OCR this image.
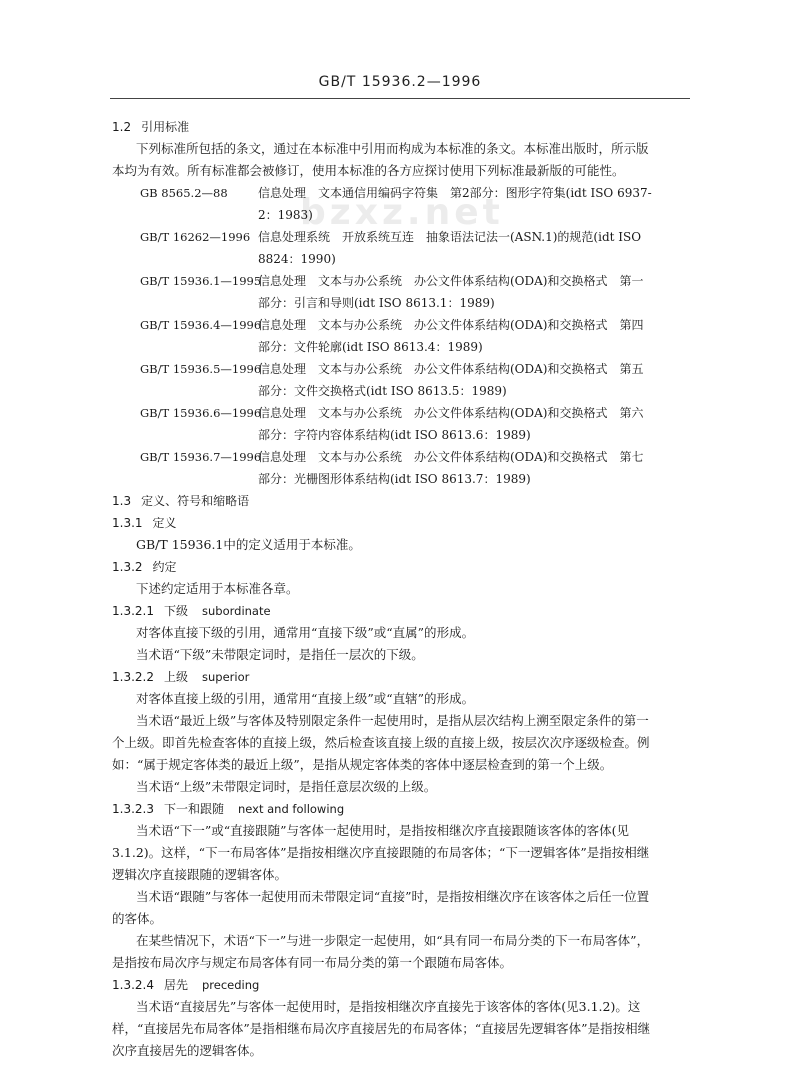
GB/T 15936.2—1996
bzxz.net

1.2 引用标准

下列标准所包括的条文，通过在本标准中引用而构成为本标准的条文。本标准出版时，所示版本均为有效。所有标准都会被修订，使用本标准的各方应探讨使用下列标准最新版的可能性。

GB 8565.2—88	信息处理　文本通信用编码字符集　第2部分：图形字符集(idt ISO 6937-2：1983)
GB/T 16262—1996 信息处理系统　开放系统互连　抽象语法记法一(ASN.1)的规范(idt ISO 8824：1990)
GB/T 15936.1—1995
信息处理　文本与办公系统　办公文件体系结构(ODA)和交换格式　第一部分：引言和导则(idt ISO 8613.1：1989)
GB/T 15936.4—1996
信息处理　文本与办公系统　办公文件体系结构(ODA)和交换格式　第四部分：文件轮廓(idt ISO 8613.4：1989)
GB/T 15936.5—1996
信息处理　文本与办公系统　办公文件体系结构(ODA)和交换格式　第五部分：文件交换格式(idt ISO 8613.5：1989)
GB/T 15936.6—1996
信息处理　文本与办公系统　办公文件体系结构(ODA)和交换格式　第六部分：字符内容体系结构(idt ISO 8613.6：1989)
GB/T 15936.7—1996
信息处理　文本与办公系统　办公文件体系结构(ODA)和交换格式　第七部分：光栅图形体系结构(idt ISO 8613.7：1989)

1.3 定义、符号和缩略语

1.3.1 定义

GB/T 15936.1中的定义适用于本标准。

1.3.2 约定

下述约定适用于本标准各章。

1.3.2.1 下级 subordinate

对客体直接下级的引用，通常用“直接下级”或“直属”的形成。

当术语“下级”未带限定词时，是指任一层次的下级。

1.3.2.2 上级 superior

对客体直接上级的引用，通常用“直接上级”或“直辖”的形成。

当术语“最近上级”与客体及特别限定条件一起使用时，是指从层次结构上溯至限定条件的第一个上级。即首先检查客体的直接上级，然后检查该直接上级的直接上级，按层次次序逐级检查。例如：“属于规定客体类的最近上级”，是指从规定客体类的客体中逐层检查到的第一个上级。

当术语“上级”未带限定词时，是指任意层次级的上级。

1.3.2.3 下一和跟随 next and following

当术语“下一”或“直接跟随”与客体一起使用时，是指按相继次序直接跟随该客体的客体(见3.1.2)。这样，“下一布局客体”是指按相继次序直接跟随的布局客体；“下一逻辑客体”是指按相继逻辑次序直接跟随的逻辑客体。

当术语“跟随”与客体一起使用而未带限定词“直接”时，是指按相继次序在该客体之后任一位置的客体。

在某些情况下，术语“下一”与进一步限定一起使用，如“具有同一布局分类的下一布局客体”，是指按布局次序与规定布局客体有同一布局分类的第一个跟随布局客体。

1.3.2.4 居先 preceding

当术语“直接居先”与客体一起使用时，是指按相继次序直接先于该客体的客体(见3.1.2)。这样，“直接居先布局客体”是指相继布局次序直接居先的布局客体；“直接居先逻辑客体”是指按相继次序直接居先的逻辑客体。
